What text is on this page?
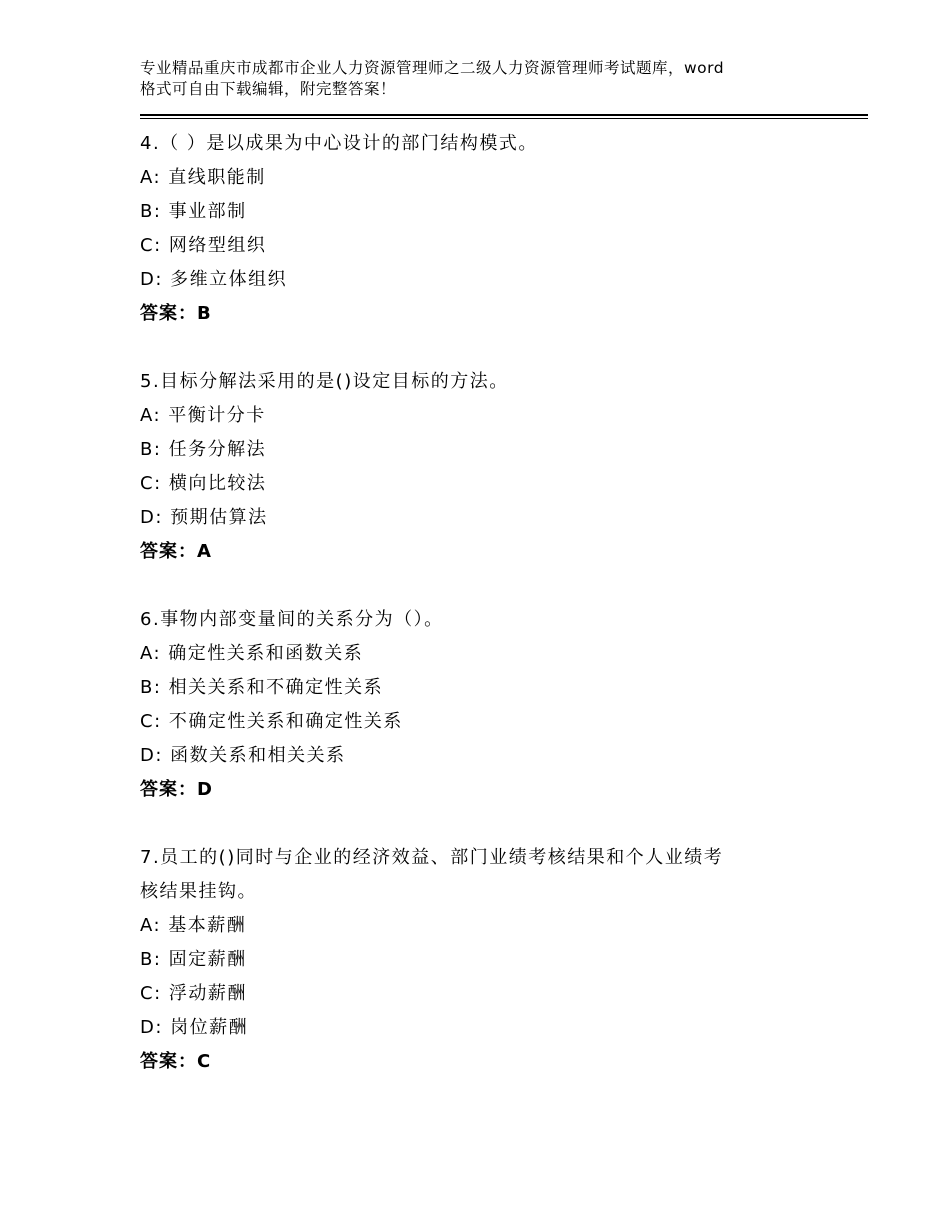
专业精品重庆市成都市企业人力资源管理师之二级人力资源管理师考试题库，word
格式可自由下载编辑，附完整答案！
4.（ ）是以成果为中心设计的部门结构模式。
A: 直线职能制
B: 事业部制
C: 网络型组织
D: 多维立体组织
答案：B
5.目标分解法采用的是()设定目标的方法。
A: 平衡计分卡
B: 任务分解法
C: 横向比较法
D: 预期估算法
答案：A
6.事物内部变量间的关系分为（）。
A: 确定性关系和函数关系
B: 相关关系和不确定性关系
C: 不确定性关系和确定性关系
D: 函数关系和相关关系
答案：D
7.员工的()同时与企业的经济效益、部门业绩考核结果和个人业绩考
核结果挂钩。
A: 基本薪酬
B: 固定薪酬
C: 浮动薪酬
D: 岗位薪酬
答案：C
